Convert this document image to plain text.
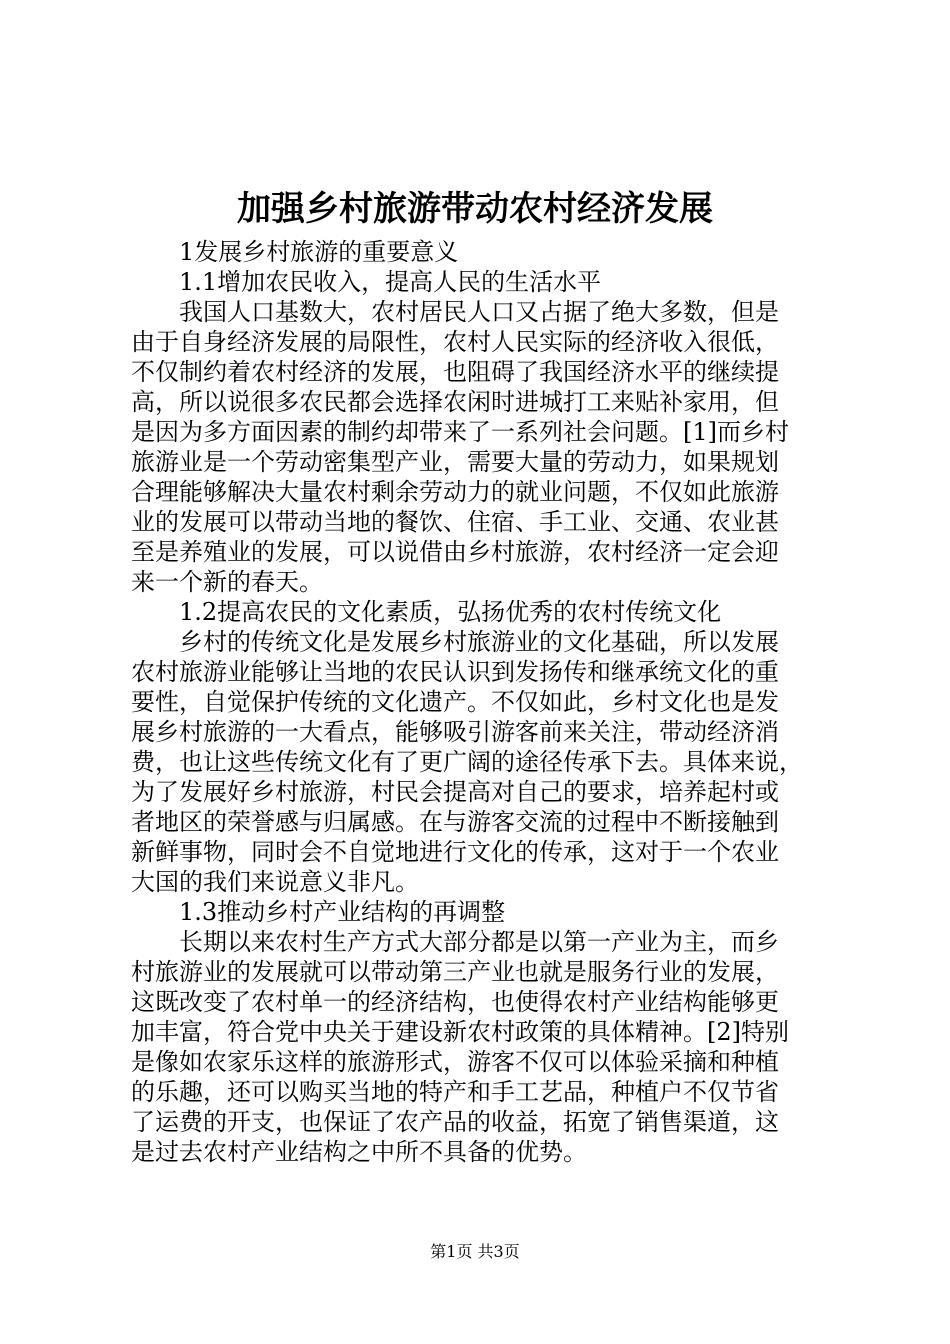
加强乡村旅游带动农村经济发展

1发展乡村旅游的重要意义

1.1增加农民收入，提高人民的生活水平

我国人口基数大，农村居民人口又占据了绝大多数，但是

由于自身经济发展的局限性，农村人民实际的经济收入很低，

不仅制约着农村经济的发展，也阻碍了我国经济水平的继续提

高，所以说很多农民都会选择农闲时进城打工来贴补家用，但

是因为多方面因素的制约却带来了一系列社会问题。[1]而乡村

旅游业是一个劳动密集型产业，需要大量的劳动力，如果规划

合理能够解决大量农村剩余劳动力的就业问题，不仅如此旅游

业的发展可以带动当地的餐饮、住宿、手工业、交通、农业甚

至是养殖业的发展，可以说借由乡村旅游，农村经济一定会迎

来一个新的春天。

1.2提高农民的文化素质，弘扬优秀的农村传统文化

乡村的传统文化是发展乡村旅游业的文化基础，所以发展

农村旅游业能够让当地的农民认识到发扬传和继承统文化的重

要性，自觉保护传统的文化遗产。不仅如此，乡村文化也是发

展乡村旅游的一大看点，能够吸引游客前来关注，带动经济消

费，也让这些传统文化有了更广阔的途径传承下去。具体来说，

为了发展好乡村旅游，村民会提高对自己的要求，培养起村或

者地区的荣誉感与归属感。在与游客交流的过程中不断接触到

新鲜事物，同时会不自觉地进行文化的传承，这对于一个农业

大国的我们来说意义非凡。

1.3推动乡村产业结构的再调整

长期以来农村生产方式大部分都是以第一产业为主，而乡

村旅游业的发展就可以带动第三产业也就是服务行业的发展，

这既改变了农村单一的经济结构，也使得农村产业结构能够更

加丰富，符合党中央关于建设新农村政策的具体精神。[2]特别

是像如农家乐这样的旅游形式，游客不仅可以体验采摘和种植

的乐趣，还可以购买当地的特产和手工艺品，种植户不仅节省

了运费的开支，也保证了农产品的收益，拓宽了销售渠道，这

是过去农村产业结构之中所不具备的优势。

第1页 共3页
